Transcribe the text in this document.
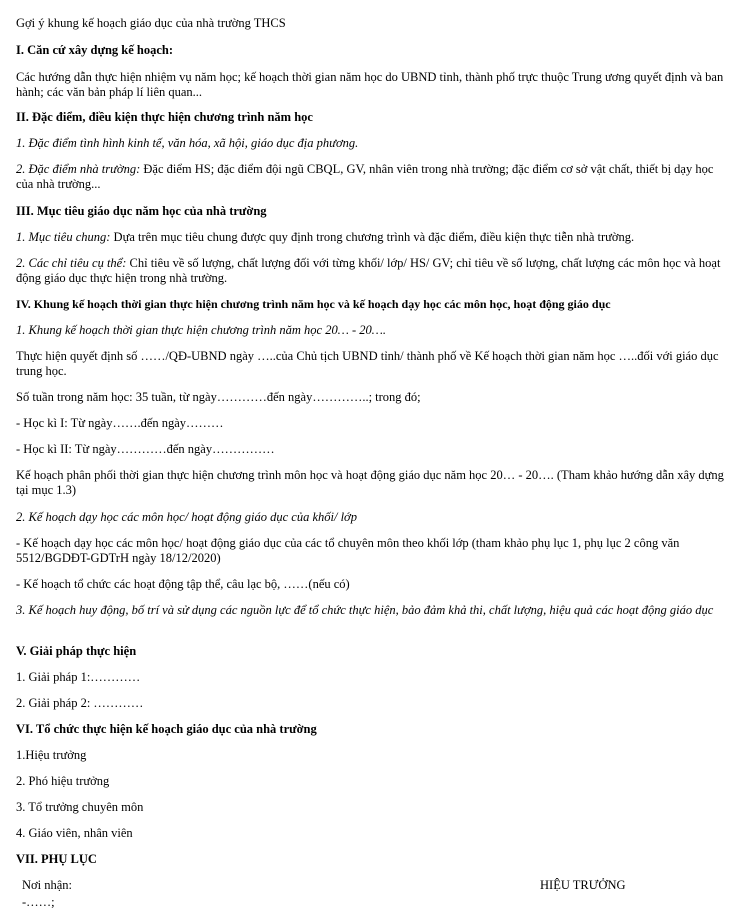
Gợi ý khung kế hoạch giáo dục của nhà trường THCS
I. Căn cứ xây dựng kế hoạch:
Các hướng dẫn thực hiện nhiệm vụ năm học; kế hoạch thời gian năm học do UBND tỉnh, thành phố trực thuộc Trung ương quyết định và ban hành; các văn bản pháp lí liên quan...
II. Đặc điểm, điều kiện thực hiện chương trình năm học
1. Đặc điểm tình hình kinh tế, văn hóa, xã hội, giáo dục địa phương.
2. Đặc điểm nhà trường: Đặc điểm HS; đặc điểm đội ngũ CBQL, GV, nhân viên trong nhà trường; đặc điểm cơ sở vật chất, thiết bị dạy học của nhà trường...
III. Mục tiêu giáo dục năm học của nhà trường
1. Mục tiêu chung: Dựa trên mục tiêu chung được quy định trong chương trình và đặc điểm, điều kiện thực tiễn nhà trường.
2. Các chỉ tiêu cụ thể: Chỉ tiêu về số lượng, chất lượng đối với từng khối/ lớp/ HS/ GV; chỉ tiêu về số lượng, chất lượng các môn học và hoạt động giáo dục thực hiện trong nhà trường.
IV. Khung kế hoạch thời gian thực hiện chương trình năm học và kế hoạch dạy học các môn học, hoạt động giáo dục
1. Khung kế hoạch thời gian thực hiện chương trình năm học 20… - 20….
Thực hiện quyết định số ……/QĐ-UBND ngày …..của Chủ tịch UBND tỉnh/ thành phố về Kế hoạch thời gian năm học …..đối với giáo dục trung học.
Số tuần trong năm học: 35 tuần, từ ngày…………đến ngày…………..; trong đó;
- Học kì I: Từ ngày…….đến ngày………
- Học kì II: Từ ngày…………đến ngày……………
Kế hoạch phân phối thời gian thực hiện chương trình môn học và hoạt động giáo dục năm học 20… - 20…. (Tham khảo hướng dẫn xây dựng tại mục 1.3)
2. Kế hoạch dạy học các môn học/ hoạt động giáo dục của khối/ lớp
- Kế hoạch dạy học các môn học/ hoạt động giáo dục của các tổ chuyên môn theo khối lớp (tham khảo phụ lục 1, phụ lục 2 công văn 5512/BGDĐT-GDTrH ngày 18/12/2020)
- Kế hoạch tổ chức các hoạt động tập thể, câu lạc bộ, ……(nếu có)
3. Kế hoạch huy động, bố trí và sử dụng các nguồn lực để tổ chức thực hiện, bảo đảm khả thi, chất lượng, hiệu quả các hoạt động giáo dục
V. Giải pháp thực hiện
1. Giải pháp 1:…………
2. Giải pháp 2: …………
VI. Tổ chức thực hiện kế hoạch giáo dục của nhà trường
1.Hiệu trưởng
2. Phó hiệu trưởng
3. Tổ trưởng chuyên môn
4. Giáo viên, nhân viên
VII. PHỤ LỤC
Nơi nhận:
-……;
HIỆU TRƯỞNG
